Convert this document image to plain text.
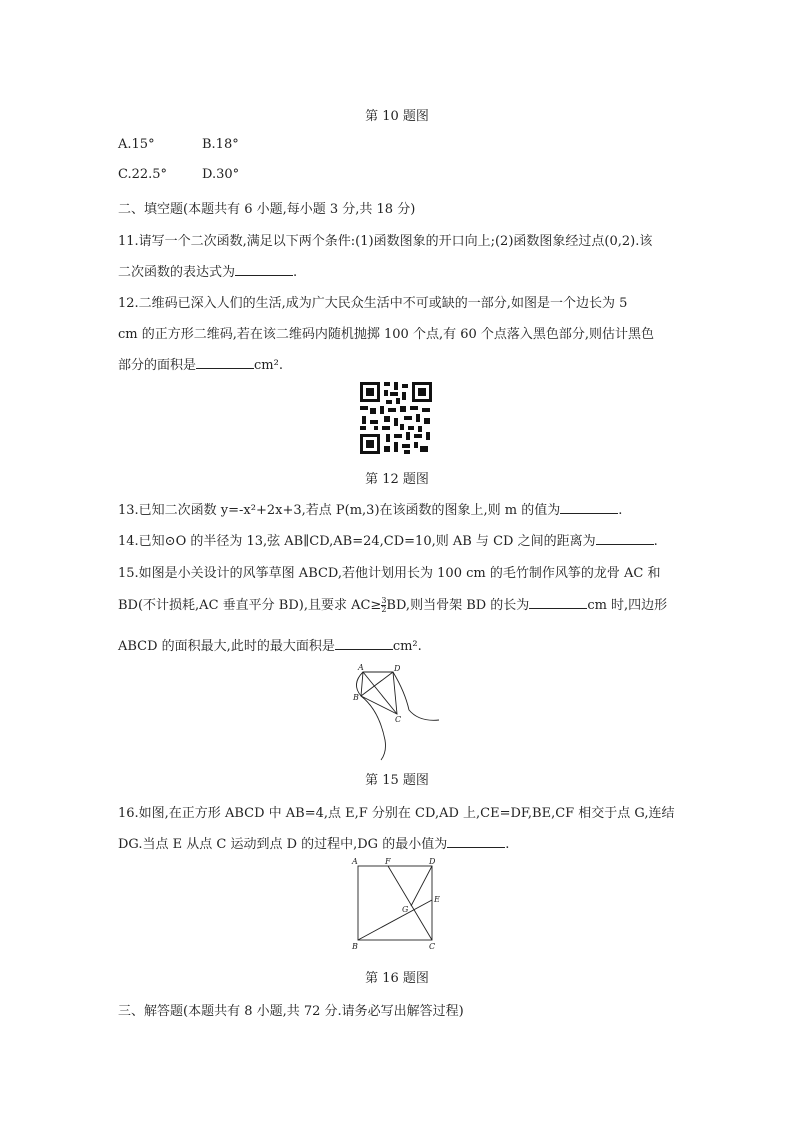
第 10 题图
A.15°	B.18°
C.22.5°	D.30°
二、填空题(本题共有 6 小题,每小题 3 分,共 18 分)
11.请写一个二次函数,满足以下两个条件:(1)函数图象的开口向上;(2)函数图象经过点(0,2).该
二次函数的表达式为	.
12.二维码已深入人们的生活,成为广大民众生活中不可或缺的一部分,如图是一个边长为 5
cm 的正方形二维码,若在该二维码内随机抛掷 100 个点,有 60 个点落入黑色部分,则估计黑色
部分的面积是	cm².
第 12 题图
13.已知二次函数 y=-x²+2x+3,若点 P(m,3)在该函数的图象上,则 m 的值为	.
14.已知⊙O 的半径为 13,弦 AB∥CD,AB=24,CD=10,则 AB 与 CD 之间的距离为	.
15.如图是小关设计的风筝草图 ABCD,若他计划用长为 100 cm 的毛竹制作风筝的龙骨 AC 和
BD(不计损耗,AC 垂直平分 BD),且要求 $AC\ge \frac{3}{2}$ BD,则当骨架 BD 的长为	cm 时,四边形
ABCD 的面积最大,此时的最大面积是	cm².
A	D
B
C
第 15 题图
16.如图,在正方形 ABCD 中 AB=4,点 E,F 分别在 CD,AD 上,CE=DF,BE,CF 相交于点 G,连结
DG.当点 E 从点 C 运动到点 D 的过程中,DG 的最小值为	.
A	F	D
E
G
B	C
第 16 题图
三、解答题(本题共有 8 小题,共 72 分.请务必写出解答过程)
